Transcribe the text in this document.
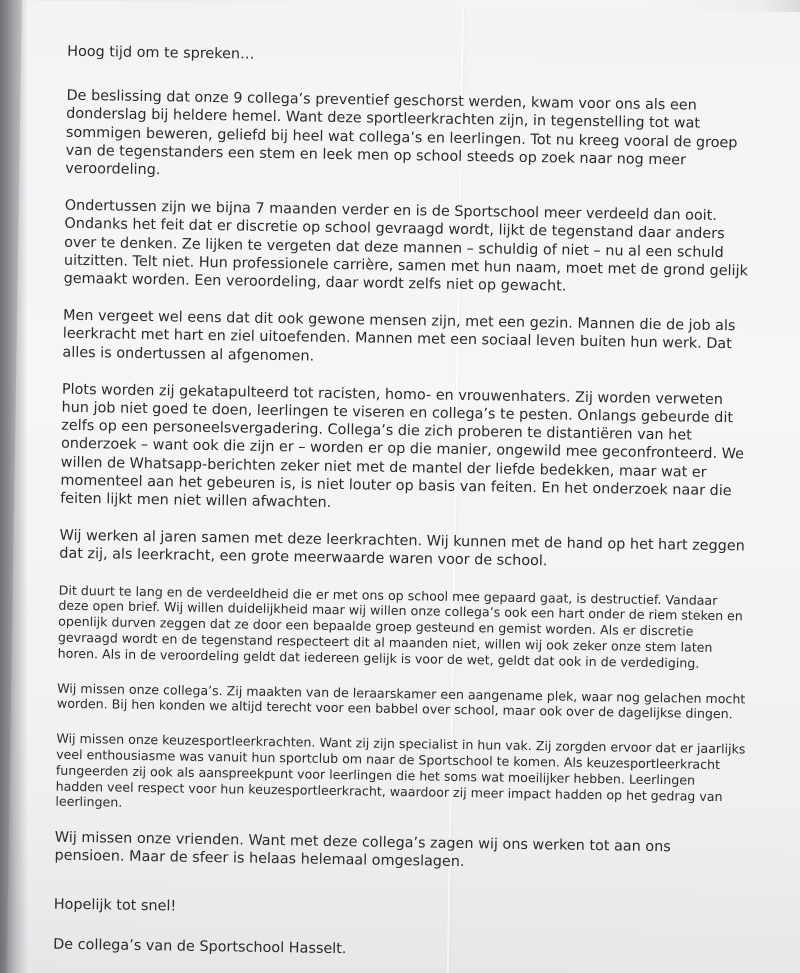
Hoog tijd om te spreken…

De beslissing dat onze 9 collega’s preventief geschorst werden, kwam voor ons als een donderslag bij heldere hemel. Want deze sportleerkrachten zijn, in tegenstelling tot wat sommigen beweren, geliefd bij heel wat collega’s en leerlingen. Tot nu kreeg vooral de groep van de tegenstanders een stem en leek men op school steeds op zoek naar nog meer veroordeling.

Ondertussen zijn we bijna 7 maanden verder en is de Sportschool meer verdeeld dan ooit. Ondanks het feit dat er discretie op school gevraagd wordt, lijkt de tegenstand daar anders over te denken. Ze lijken te vergeten dat deze mannen – schuldig of niet – nu al een schuld uitzitten. Telt niet. Hun professionele carrière, samen met hun naam, moet met de grond gelijk gemaakt worden. Een veroordeling, daar wordt zelfs niet op gewacht.

Men vergeet wel eens dat dit ook gewone mensen zijn, met een gezin. Mannen die de job als leerkracht met hart en ziel uitoefenden. Mannen met een sociaal leven buiten hun werk. Dat alles is ondertussen al afgenomen.

Plots worden zij gekatapulteerd tot racisten, homo- en vrouwenhaters. Zij worden verweten hun job niet goed te doen, leerlingen te viseren en collega’s te pesten. Onlangs gebeurde dit zelfs op een personeelsvergadering. Collega’s die zich proberen te distantiëren van het onderzoek – want ook die zijn er – worden er op die manier, ongewild mee geconfronteerd. We willen de Whatsapp-berichten zeker niet met de mantel der liefde bedekken, maar wat er momenteel aan het gebeuren is, is niet louter op basis van feiten. En het onderzoek naar die feiten lijkt men niet willen afwachten.

Wij werken al jaren samen met deze leerkrachten. Wij kunnen met de hand op het hart zeggen dat zij, als leerkracht, een grote meerwaarde waren voor de school.

Dit duurt te lang en de verdeeldheid die er met ons op school mee gepaard gaat, is destructief. Vandaar deze open brief. Wij willen duidelijkheid maar wij willen onze collega’s ook een hart onder de riem steken en openlijk durven zeggen dat ze door een bepaalde groep gesteund en gemist worden. Als er discretie gevraagd wordt en de tegenstand respecteert dit al maanden niet, willen wij ook zeker onze stem laten horen. Als in de veroordeling geldt dat iedereen gelijk is voor de wet, geldt dat ook in de verdediging.

Wij missen onze collega’s. Zij maakten van de leraarskamer een aangename plek, waar nog gelachen mocht worden. Bij hen konden we altijd terecht voor een babbel over school, maar ook over de dagelijkse dingen.

Wij missen onze keuzesportleerkrachten. Want zij zijn specialist in hun vak. Zij zorgden ervoor dat er jaarlijks veel enthousiasme was vanuit hun sportclub om naar de Sportschool te komen. Als keuzesportleerkracht fungeerden zij ook als aanspreekpunt voor leerlingen die het soms wat moeilijker hebben. Leerlingen hadden veel respect voor hun keuzesportleerkracht, waardoor zij meer impact hadden op het gedrag van leerlingen.

Wij missen onze vrienden. Want met deze collega’s zagen wij ons werken tot aan ons pensioen. Maar de sfeer is helaas helemaal omgeslagen.

Hopelijk tot snel!

De collega’s van de Sportschool Hasselt.
